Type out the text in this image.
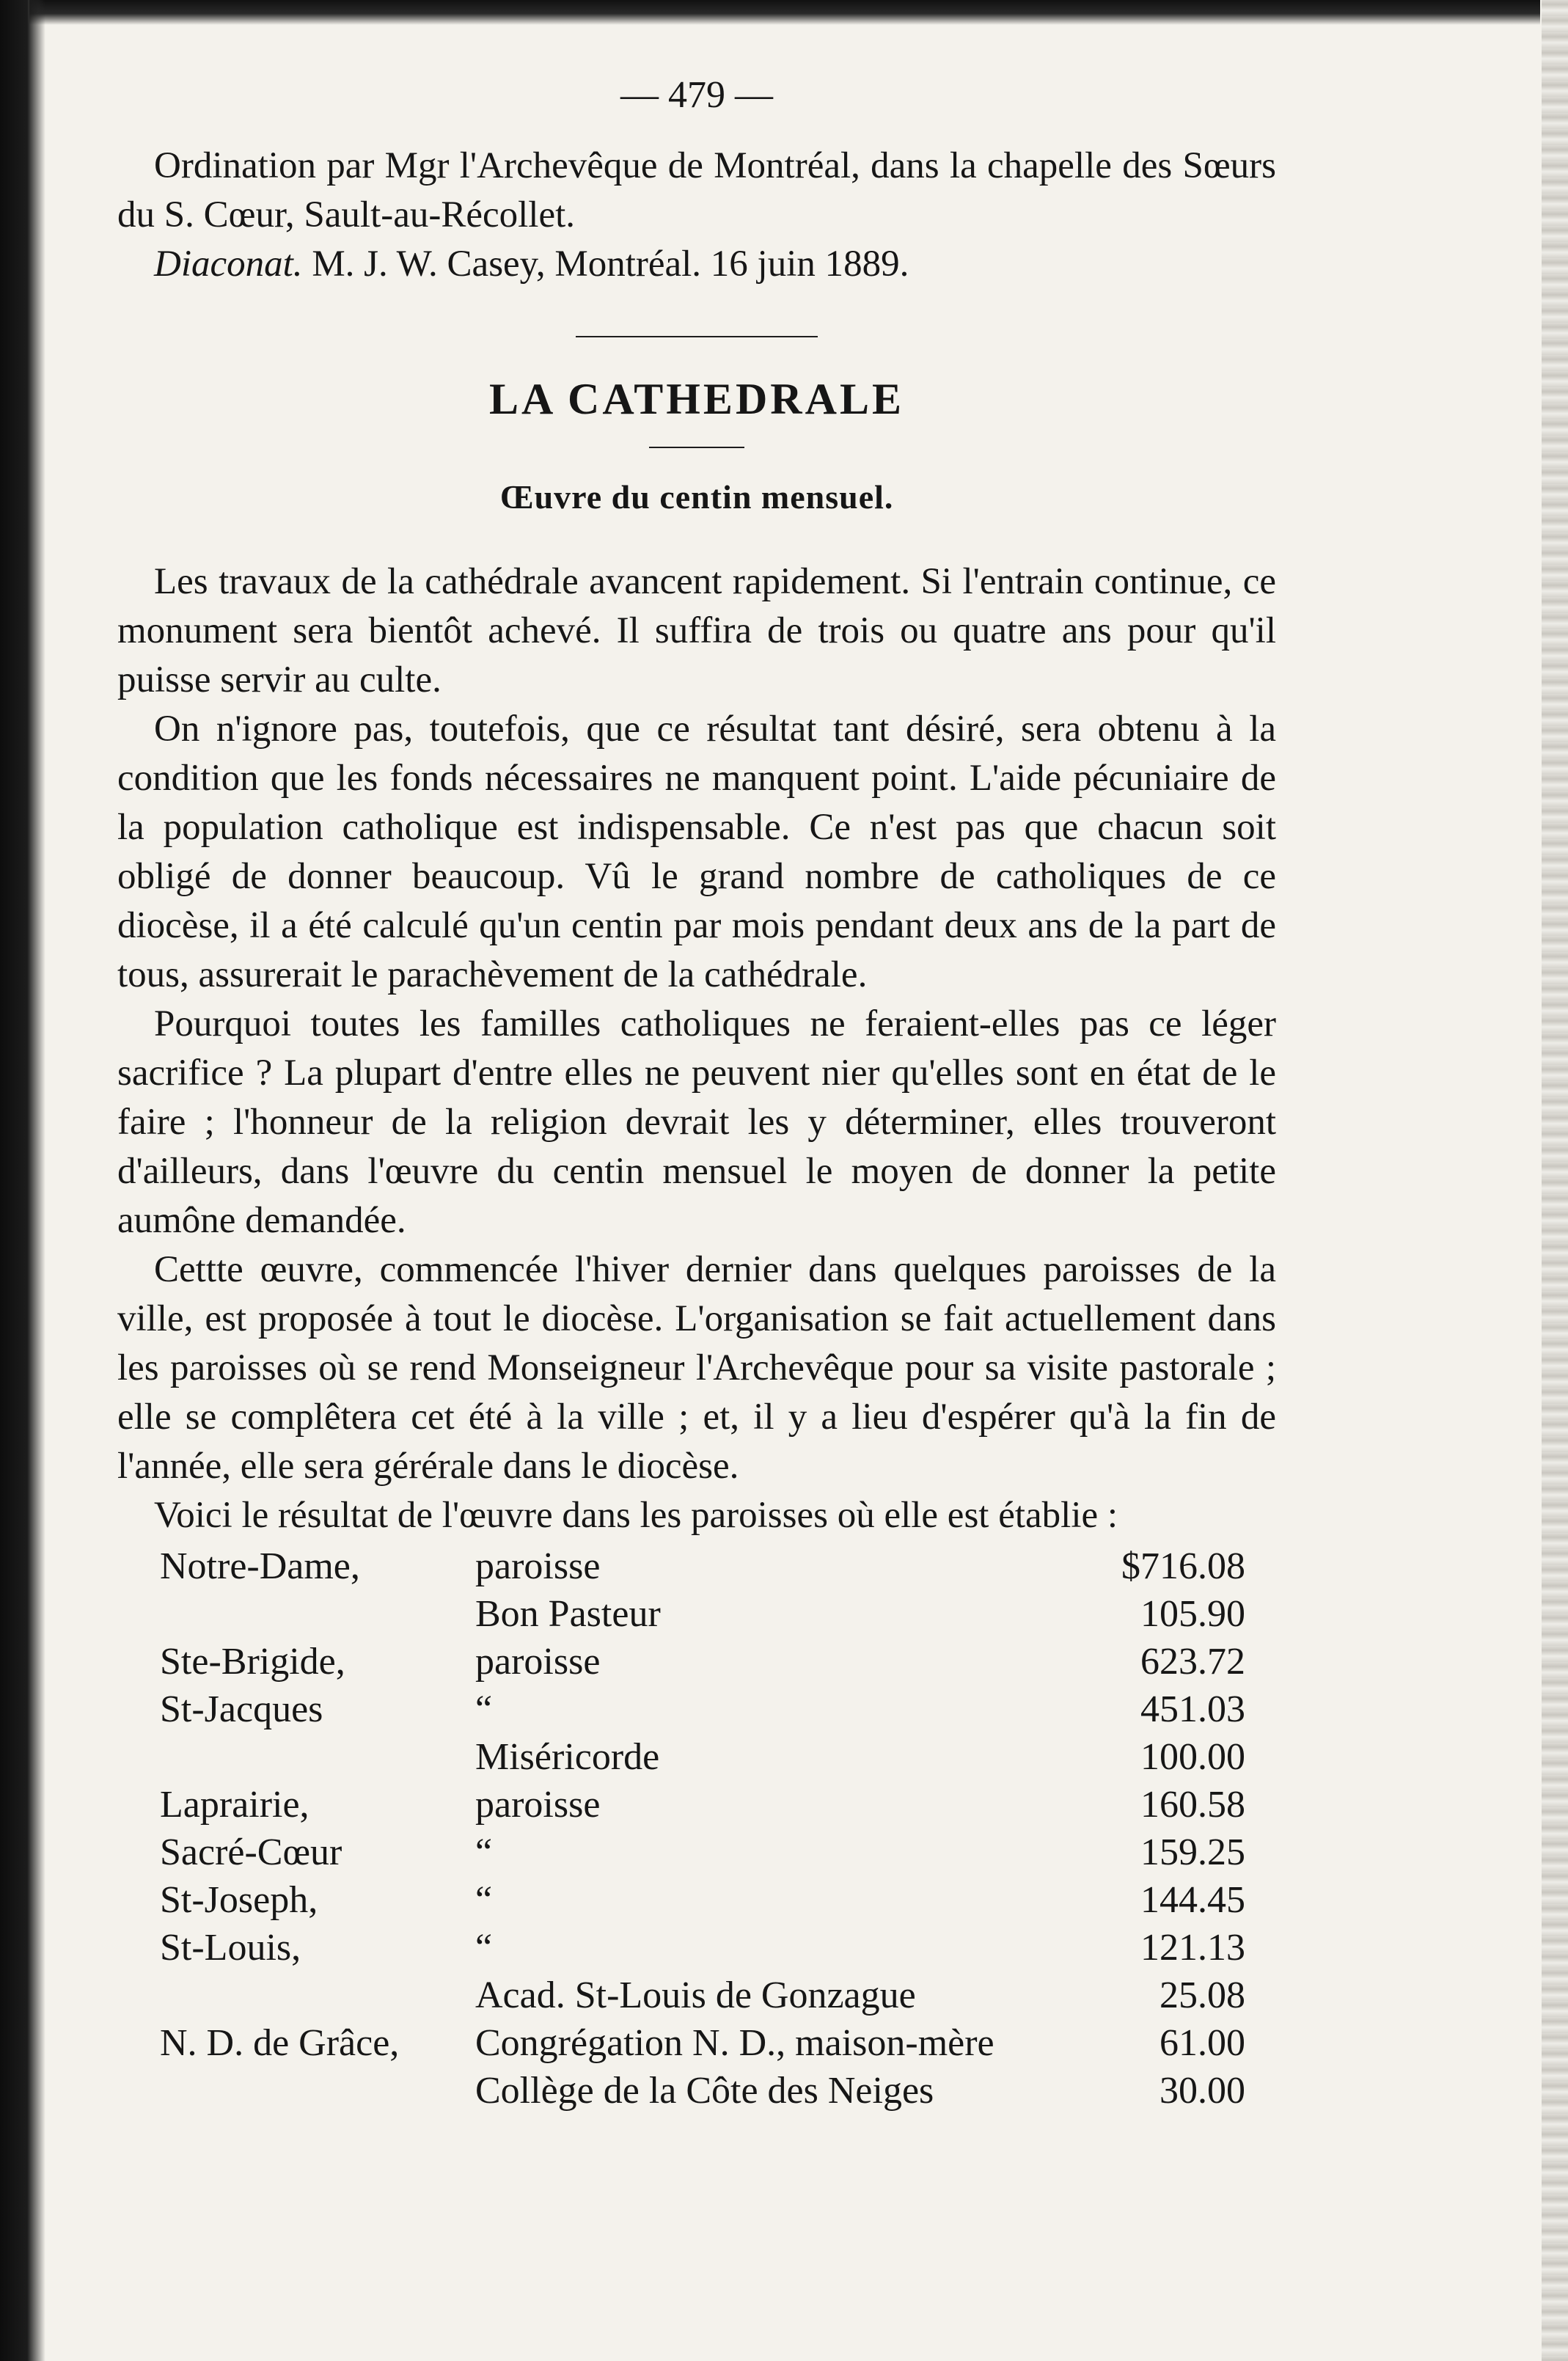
— 479 —

Ordination par Mgr l'Archevêque de Montréal, dans la chapelle des Sœurs du S. Cœur, Sault-au-Récollet.

Diaconat. M. J. W. Casey, Montréal. 16 juin 1889.

LA CATHEDRALE
Œuvre du centin mensuel.

Les travaux de la cathédrale avancent rapidement. Si l'entrain continue, ce monument sera bientôt achevé. Il suffira de trois ou quatre ans pour qu'il puisse servir au culte.

On n'ignore pas, toutefois, que ce résultat tant désiré, sera obtenu à la condition que les fonds nécessaires ne manquent point. L'aide pécuniaire de la population catholique est indispensable. Ce n'est pas que chacun soit obligé de donner beaucoup. Vû le grand nombre de catholiques de ce diocèse, il a été calculé qu'un centin par mois pendant deux ans de la part de tous, assurerait le parachèvement de la cathédrale.

Pourquoi toutes les familles catholiques ne feraient-elles pas ce léger sacrifice ? La plupart d'entre elles ne peuvent nier qu'elles sont en état de le faire ; l'honneur de la religion devrait les y déterminer, elles trouveront d'ailleurs, dans l'œuvre du centin mensuel le moyen de donner la petite aumône demandée.

Cettte œuvre, commencée l'hiver dernier dans quelques paroisses de la ville, est proposée à tout le diocèse. L'organisation se fait actuellement dans les paroisses où se rend Monseigneur l'Archevêque pour sa visite pastorale ; elle se complêtera cet été à la ville ; et, il y a lieu d'espérer qu'à la fin de l'année, elle sera gérérale dans le diocèse.

Voici le résultat de l'œuvre dans les paroisses où elle est établie :

Notre-Dame,	paroisse	$716.08
	Bon Pasteur	105.90
Ste-Brigide,	paroisse	623.72
St-Jacques	“	451.03
	Miséricorde	100.00
Laprairie,	paroisse	160.58
Sacré-Cœur	“	159.25
St-Joseph,	“	144.45
St-Louis,	“	121.13
	Acad. St-Louis de Gonzague	25.08
N. D. de Grâce,	Congrégation N. D., maison-mère	61.00
	Collège de la Côte des Neiges	30.00
